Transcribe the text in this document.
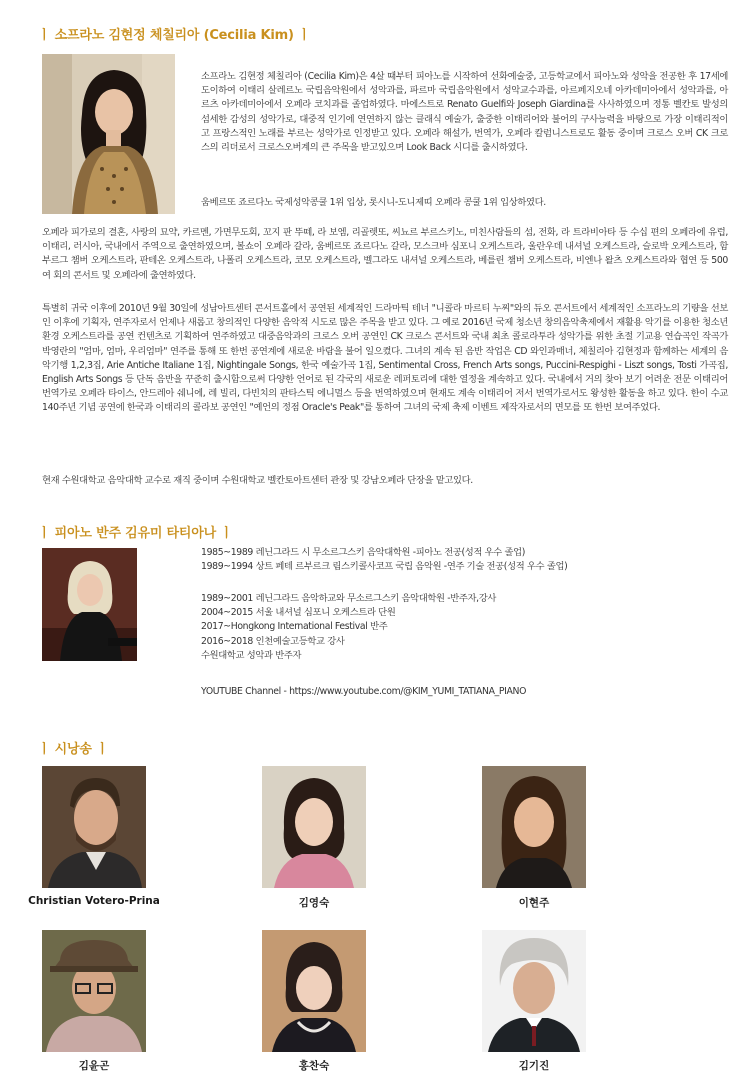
ㅣ 소프라노 김현정 체칠리아 (Cecilia Kim) ㅣ

소프라노 김현정 체칠리아 (Cecilia Kim)은 4살 때부터 피아노를 시작하여 선화예술중, 고등학교에서 피아노와 성악을 전공한 후 17세에 도이하여 이태리 살레르노 국립음악원에서 성악과를, 파르마 국립음악원에서 성악교수과를, 아르페지오네 아카데미아에서 성악과를, 아르츠 아카데미아에서 오페라 코치과를 졸업하였다. 마에스트로 Renato Guelfi와 Joseph Giardina를 사사하였으며 정통 벨칸토 발성의 섬세한 감성의 성악가로, 대중적 인기에 연연하지 않는 클래식 예술가, 출중한 이태리어와 불어의 구사능력을 바탕으로 가장 이태리적이고 프랑스적인 노래를 부르는 성악가로 인정받고 있다. 오페라 해설가, 번역가, 오페라 칼럼니스트로도 활동 중이며 크로스 오버 CK 크로스의 리더로서 크로스오버계의 큰 주목을 받고있으며 Look Back 시디를 출시하였다.

움베르또 죠르다노 국제성악콩쿨 1위 입상, 롯시니-도니제띠 오페라 콩쿨 1위 입상하였다.

오페라 피가로의 결혼, 사랑의 묘약, 카르멘, 가면무도회, 꼬지 판 뚜떼, 라 보엠, 리골렛또, 씨뇨르 부르스키노, 미친사람들의 섬, 전화, 라 트라비아타 등 수십 편의 오페라에 유럽, 이태리, 러시아, 국내에서 주역으로 출연하였으며, 볼쇼이 오페라 갈라, 움베르또 죠르다노 갈라, 모스크바 심포니 오케스트라, 울란우데 내셔널 오케스트라, 슬로박 오케스트라, 함부르그 챔버 오케스트라, 판테온 오케스트라, 나폴리 오케스트라, 코모 오케스트라, 벨그라도 내셔널 오케스트라, 베를린 챔버 오케스트라, 비엔나 왈츠 오케스트라와 협연 등 500여 회의 콘서트 및 오페라에 출연하였다.

특별히 귀국 이후에 2010년 9월 30일에 성남아트센터 콘서트홀에서 공연된 세계적인 드라마틱 테너 "니콜라 마르티 누찌"와의 듀오 콘서트에서 세계적인 소프라노의 기량을 선보인 이후에 기획자, 연주자로서 언제나 새롭고 창의적인 다양한 음악적 시도로 많은 주목을 받고 있다. 그 예로 2016년 국제 청소년 창의음악축제에서 재활용 악기를 이용한 청소년 환경 오케스트라를 공연 컨텐츠로 기획하여 연주하였고 대중음악과의 크로스 오버 공연인 CK 크로스 콘서트와 국내 최초 콜로라투라 성악가를 위한 초절 기교용 연습곡인 작곡가 박영란의 "엄마, 엄마, 우리엄마" 연주를 통해 또 한번 공연계에 새로운 바람을 불어 일으켰다. 그녀의 계속 된 음반 작업은 CD 와인과매너, 체칠리아 김현정과 함께하는 세계의 음악기행 1,2,3집, Arie Antiche Italiane 1집, Nightingale Songs, 한국 예술가곡 1집, Sentimental Cross, French Arts songs, Puccini-Respighi - Liszt songs, Tosti 가곡집, English Arts Songs 등 단독 음반을 꾸준히 출시함으로써 다양한 언어로 된 각국의 새로운 레퍼토리에 대한 열정을 계속하고 있다. 국내에서 거의 찾아 보기 어려운 전문 이태리어 번역가로 오페라 타이스, 안드레아 쉐니에, 레 빌리, 다빈치의 판타스틱 에니멀스 등을 번역하였으며 현재도 계속 이태리어 저서 번역가로서도 왕성한 활동을 하고 있다. 한이 수교 140주년 기념 공연에 한국과 이태리의 콜라보 공연인 "예언의 정점 Oracle's Peak"를 통하여 그녀의 국제 축제 이벤트 제작자로서의 면모를 또 한번 보여주었다.

현재 수원대학교 음악대학 교수로 재직 중이며 수원대학교 벨칸토아트센터 관장 및 강남오페라 단장을 맡고있다.

ㅣ 피아노 반주 김유미 타티아나 ㅣ
1985~1989 레닌그라드 시 무소르그스키 음악대학원 -피아노 전공(성적 우수 졸업)
1989~1994 상트 페테 르부르크 림스키콜사코프 국립 음악원 -연주 기술 전공(성적 우수 졸업)
1989~2001 레닌그라드 음악하교와 무소르그스키 음악대학원 -반주자,강사
2004~2015 서울 내셔널 심포니 오케스트라 단원
2017~Hongkong International Festival 반주
2016~2018 인천예술고등학교 강사
수원대학교 성악과 반주자
YOUTUBE Channel - https://www.youtube.com/@KIM_YUMI_TATIANA_PIANO
ㅣ 시낭송 ㅣ
Christian Votero-Prina	김영숙	이현주
김윤곤	홍찬숙	김기진
